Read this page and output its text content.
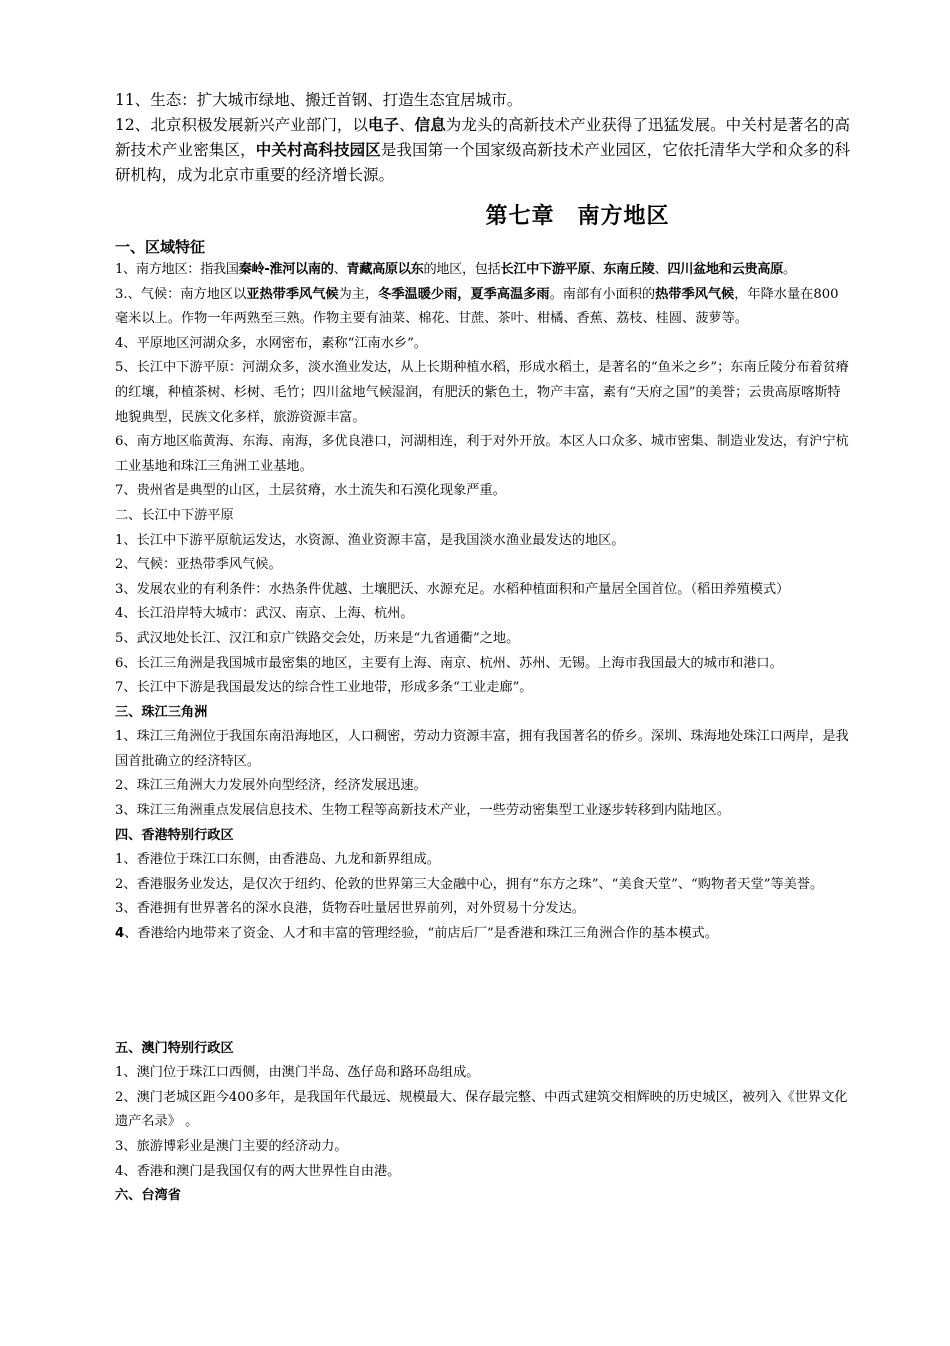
11、生态：扩大城市绿地、搬迁首钢、打造生态宜居城市。

12、北京积极发展新兴产业部门，以电子、信息为龙头的高新技术产业获得了迅猛发展。中关村是著名的高新技术产业密集区，中关村高科技园区是我国第一个国家级高新技术产业园区，它依托清华大学和众多的科研机构，成为北京市重要的经济增长源。

第七章　南方地区
一、区域特征

1、南方地区：指我国秦岭-淮河以南的、青藏高原以东的地区，包括长江中下游平原、东南丘陵、四川盆地和云贵高原。

3.、气候：南方地区以亚热带季风气候为主，冬季温暖少雨，夏季高温多雨。南部有小面积的热带季风气候，年降水量在800毫米以上。作物一年两熟至三熟。作物主要有油菜、棉花、甘蔗、茶叶、柑橘、香蕉、荔枝、桂圆、菠萝等。

4、平原地区河湖众多，水网密布，素称“江南水乡”。

5、长江中下游平原：河湖众多，淡水渔业发达，从上长期种植水稻，形成水稻土，是著名的“鱼米之乡”；东南丘陵分布着贫瘠的红壤，种植茶树、杉树、毛竹；四川盆地气候湿润，有肥沃的紫色土，物产丰富，素有“天府之国”的美誉；云贵高原喀斯特地貌典型，民族文化多样，旅游资源丰富。

6、南方地区临黄海、东海、南海，多优良港口，河湖相连，利于对外开放。本区人口众多、城市密集、制造业发达，有沪宁杭工业基地和珠江三角洲工业基地。

7、贵州省是典型的山区，土层贫瘠，水土流失和石漠化现象严重。

二、长江中下游平原

1、长江中下游平原航运发达，水资源、渔业资源丰富，是我国淡水渔业最发达的地区。

2、气候：亚热带季风气候。

3、发展农业的有利条件：水热条件优越、土壤肥沃、水源充足。水稻种植面积和产量居全国首位。（稻田养殖模式）

4、长江沿岸特大城市：武汉、南京、上海、杭州。

5、武汉地处长江、汉江和京广铁路交会处，历来是“九省通衢”之地。

6、长江三角洲是我国城市最密集的地区，主要有上海、南京、杭州、苏州、无锡。上海市我国最大的城市和港口。

7、长江中下游是我国最发达的综合性工业地带，形成多条“工业走廊”。

三、珠江三角洲

1、珠江三角洲位于我国东南沿海地区，人口稠密，劳动力资源丰富，拥有我国著名的侨乡。深圳、珠海地处珠江口两岸，是我国首批确立的经济特区。

2、珠江三角洲大力发展外向型经济，经济发展迅速。

3、珠江三角洲重点发展信息技术、生物工程等高新技术产业，一些劳动密集型工业逐步转移到内陆地区。

四、香港特别行政区

1、香港位于珠江口东侧，由香港岛、九龙和新界组成。

2、香港服务业发达，是仅次于纽约、伦敦的世界第三大金融中心，拥有“东方之珠”、“美食天堂”、“购物者天堂”等美誉。

3、香港拥有世界著名的深水良港，货物吞吐量居世界前列，对外贸易十分发达。

4、香港给内地带来了资金、人才和丰富的管理经验，“前店后厂”是香港和珠江三角洲合作的基本模式。

五、澳门特别行政区

1、澳门位于珠江口西侧，由澳门半岛、氹仔岛和路环岛组成。

2、澳门老城区距今400多年，是我国年代最远、规模最大、保存最完整、中西式建筑交相辉映的历史城区，被列入《世界文化遗产名录》 。

3、旅游博彩业是澳门主要的经济动力。

4、香港和澳门是我国仅有的两大世界性自由港。

六、台湾省
